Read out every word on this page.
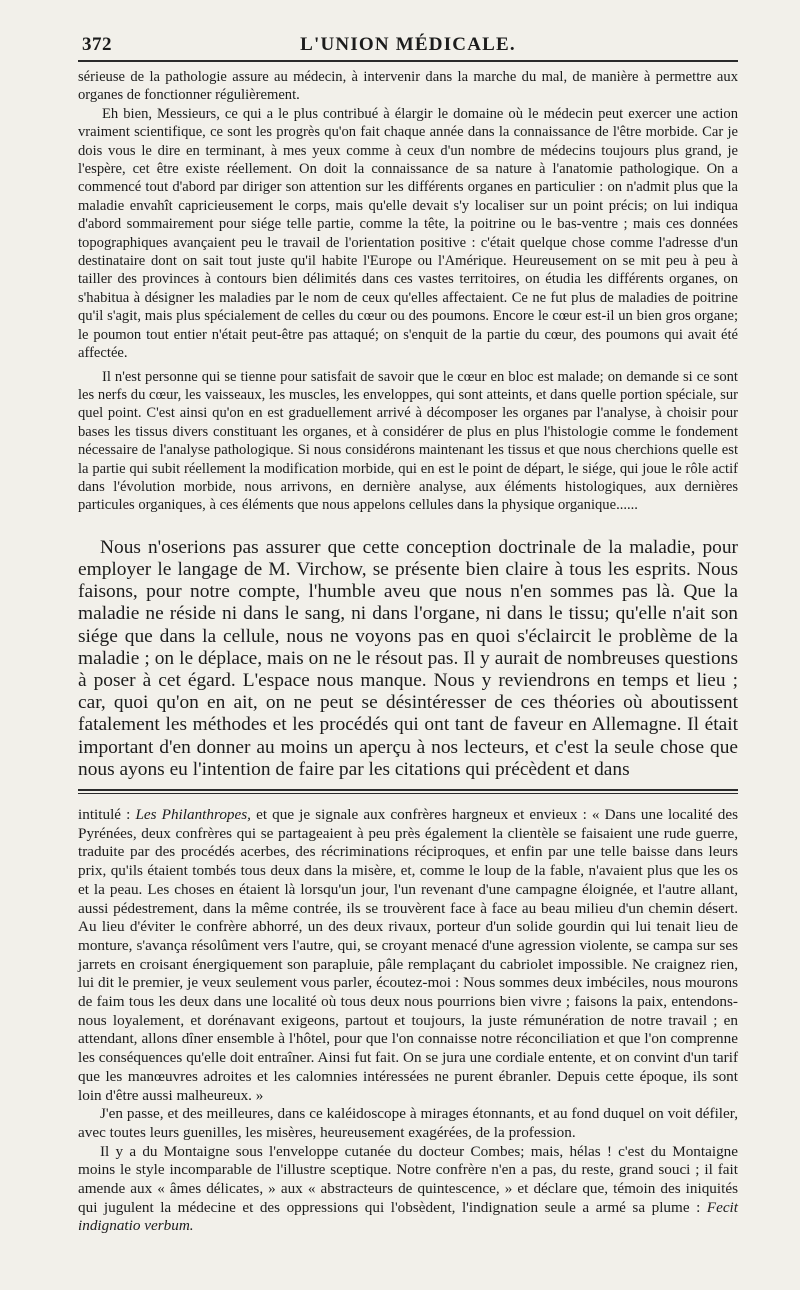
372	L'UNION MÉDICALE.

sérieuse de la pathologie assure au médecin, à intervenir dans la marche du mal, de manière à permettre aux organes de fonctionner régulièrement.

Eh bien, Messieurs, ce qui a le plus contribué à élargir le domaine où le médecin peut exercer une action vraiment scientifique, ce sont les progrès qu'on fait chaque année dans la connaissance de l'être morbide. Car je dois vous le dire en terminant, à mes yeux comme à ceux d'un nombre de médecins toujours plus grand, je l'espère, cet être existe réellement. On doit la connaissance de sa nature à l'anatomie pathologique. On a commencé tout d'abord par diriger son attention sur les différents organes en particulier : on n'admit plus que la maladie envahît capricieusement le corps, mais qu'elle devait s'y localiser sur un point précis; on lui indiqua d'abord sommairement pour siége telle partie, comme la tête, la poitrine ou le bas-ventre ; mais ces données topographiques avançaient peu le travail de l'orientation positive : c'était quelque chose comme l'adresse d'un destinataire dont on sait tout juste qu'il habite l'Europe ou l'Amérique. Heureusement on se mit peu à peu à tailler des provinces à contours bien délimités dans ces vastes territoires, on étudia les différents organes, on s'habitua à désigner les maladies par le nom de ceux qu'elles affectaient. Ce ne fut plus de maladies de poitrine qu'il s'agit, mais plus spécialement de celles du cœur ou des poumons. Encore le cœur est-il un bien gros organe; le poumon tout entier n'était peut-être pas attaqué; on s'enquit de la partie du cœur, des poumons qui avait été affectée.

Il n'est personne qui se tienne pour satisfait de savoir que le cœur en bloc est malade; on demande si ce sont les nerfs du cœur, les vaisseaux, les muscles, les enveloppes, qui sont atteints, et dans quelle portion spéciale, sur quel point. C'est ainsi qu'on en est graduellement arrivé à décomposer les organes par l'analyse, à choisir pour bases les tissus divers constituant les organes, et à considérer de plus en plus l'histologie comme le fondement nécessaire de l'analyse pathologique. Si nous considérons maintenant les tissus et que nous cherchions quelle est la partie qui subit réellement la modification morbide, qui en est le point de départ, le siége, qui joue le rôle actif dans l'évolution morbide, nous arrivons, en dernière analyse, aux éléments histologiques, aux dernières particules organiques, à ces éléments que nous appelons cellules dans la physique organique......

Nous n'oserions pas assurer que cette conception doctrinale de la maladie, pour employer le langage de M. Virchow, se présente bien claire à tous les esprits. Nous faisons, pour notre compte, l'humble aveu que nous n'en sommes pas là. Que la maladie ne réside ni dans le sang, ni dans l'organe, ni dans le tissu; qu'elle n'ait son siége que dans la cellule, nous ne voyons pas en quoi s'éclaircit le problème de la maladie ; on le déplace, mais on ne le résout pas. Il y aurait de nombreuses questions à poser à cet égard. L'espace nous manque. Nous y reviendrons en temps et lieu ; car, quoi qu'on en ait, on ne peut se désintéresser de ces théories où aboutissent fatalement les méthodes et les procédés qui ont tant de faveur en Allemagne. Il était important d'en donner au moins un aperçu à nos lecteurs, et c'est la seule chose que nous ayons eu l'intention de faire par les citations qui précèdent et dans

intitulé : Les Philanthropes, et que je signale aux confrères hargneux et envieux : « Dans une localité des Pyrénées, deux confrères qui se partageaient à peu près également la clientèle se faisaient une rude guerre, traduite par des procédés acerbes, des récriminations réciproques, et enfin par une telle baisse dans leurs prix, qu'ils étaient tombés tous deux dans la misère, et, comme le loup de la fable, n'avaient plus que les os et la peau. Les choses en étaient là lorsqu'un jour, l'un revenant d'une campagne éloignée, et l'autre allant, aussi pédestrement, dans la même contrée, ils se trouvèrent face à face au beau milieu d'un chemin désert. Au lieu d'éviter le confrère abhorré, un des deux rivaux, porteur d'un solide gourdin qui lui tenait lieu de monture, s'avança résolûment vers l'autre, qui, se croyant menacé d'une agression violente, se campa sur ses jarrets en croisant énergiquement son parapluie, pâle remplaçant du cabriolet impossible. Ne craignez rien, lui dit le premier, je veux seulement vous parler, écoutez-moi : Nous sommes deux imbéciles, nous mourons de faim tous les deux dans une localité où tous deux nous pourrions bien vivre ; faisons la paix, entendons-nous loyalement, et dorénavant exigeons, partout et toujours, la juste rémunération de notre travail ; en attendant, allons dîner ensemble à l'hôtel, pour que l'on connaisse notre réconciliation et que l'on comprenne les conséquences qu'elle doit entraîner. Ainsi fut fait. On se jura une cordiale entente, et on convint d'un tarif que les manœuvres adroites et les calomnies intéressées ne purent ébranler. Depuis cette époque, ils sont loin d'être aussi malheureux. »

J'en passe, et des meilleures, dans ce kaléidoscope à mirages étonnants, et au fond duquel on voit défiler, avec toutes leurs guenilles, les misères, heureusement exagérées, de la profession.

Il y a du Montaigne sous l'enveloppe cutanée du docteur Combes; mais, hélas ! c'est du Montaigne moins le style incomparable de l'illustre sceptique. Notre confrère n'en a pas, du reste, grand souci ; il fait amende aux « âmes délicates, » aux « abstracteurs de quintescence, » et déclare que, témoin des iniquités qui jugulent la médecine et des oppressions qui l'obsèdent, l'indignation seule a armé sa plume : Fecit indignatio verbum.
